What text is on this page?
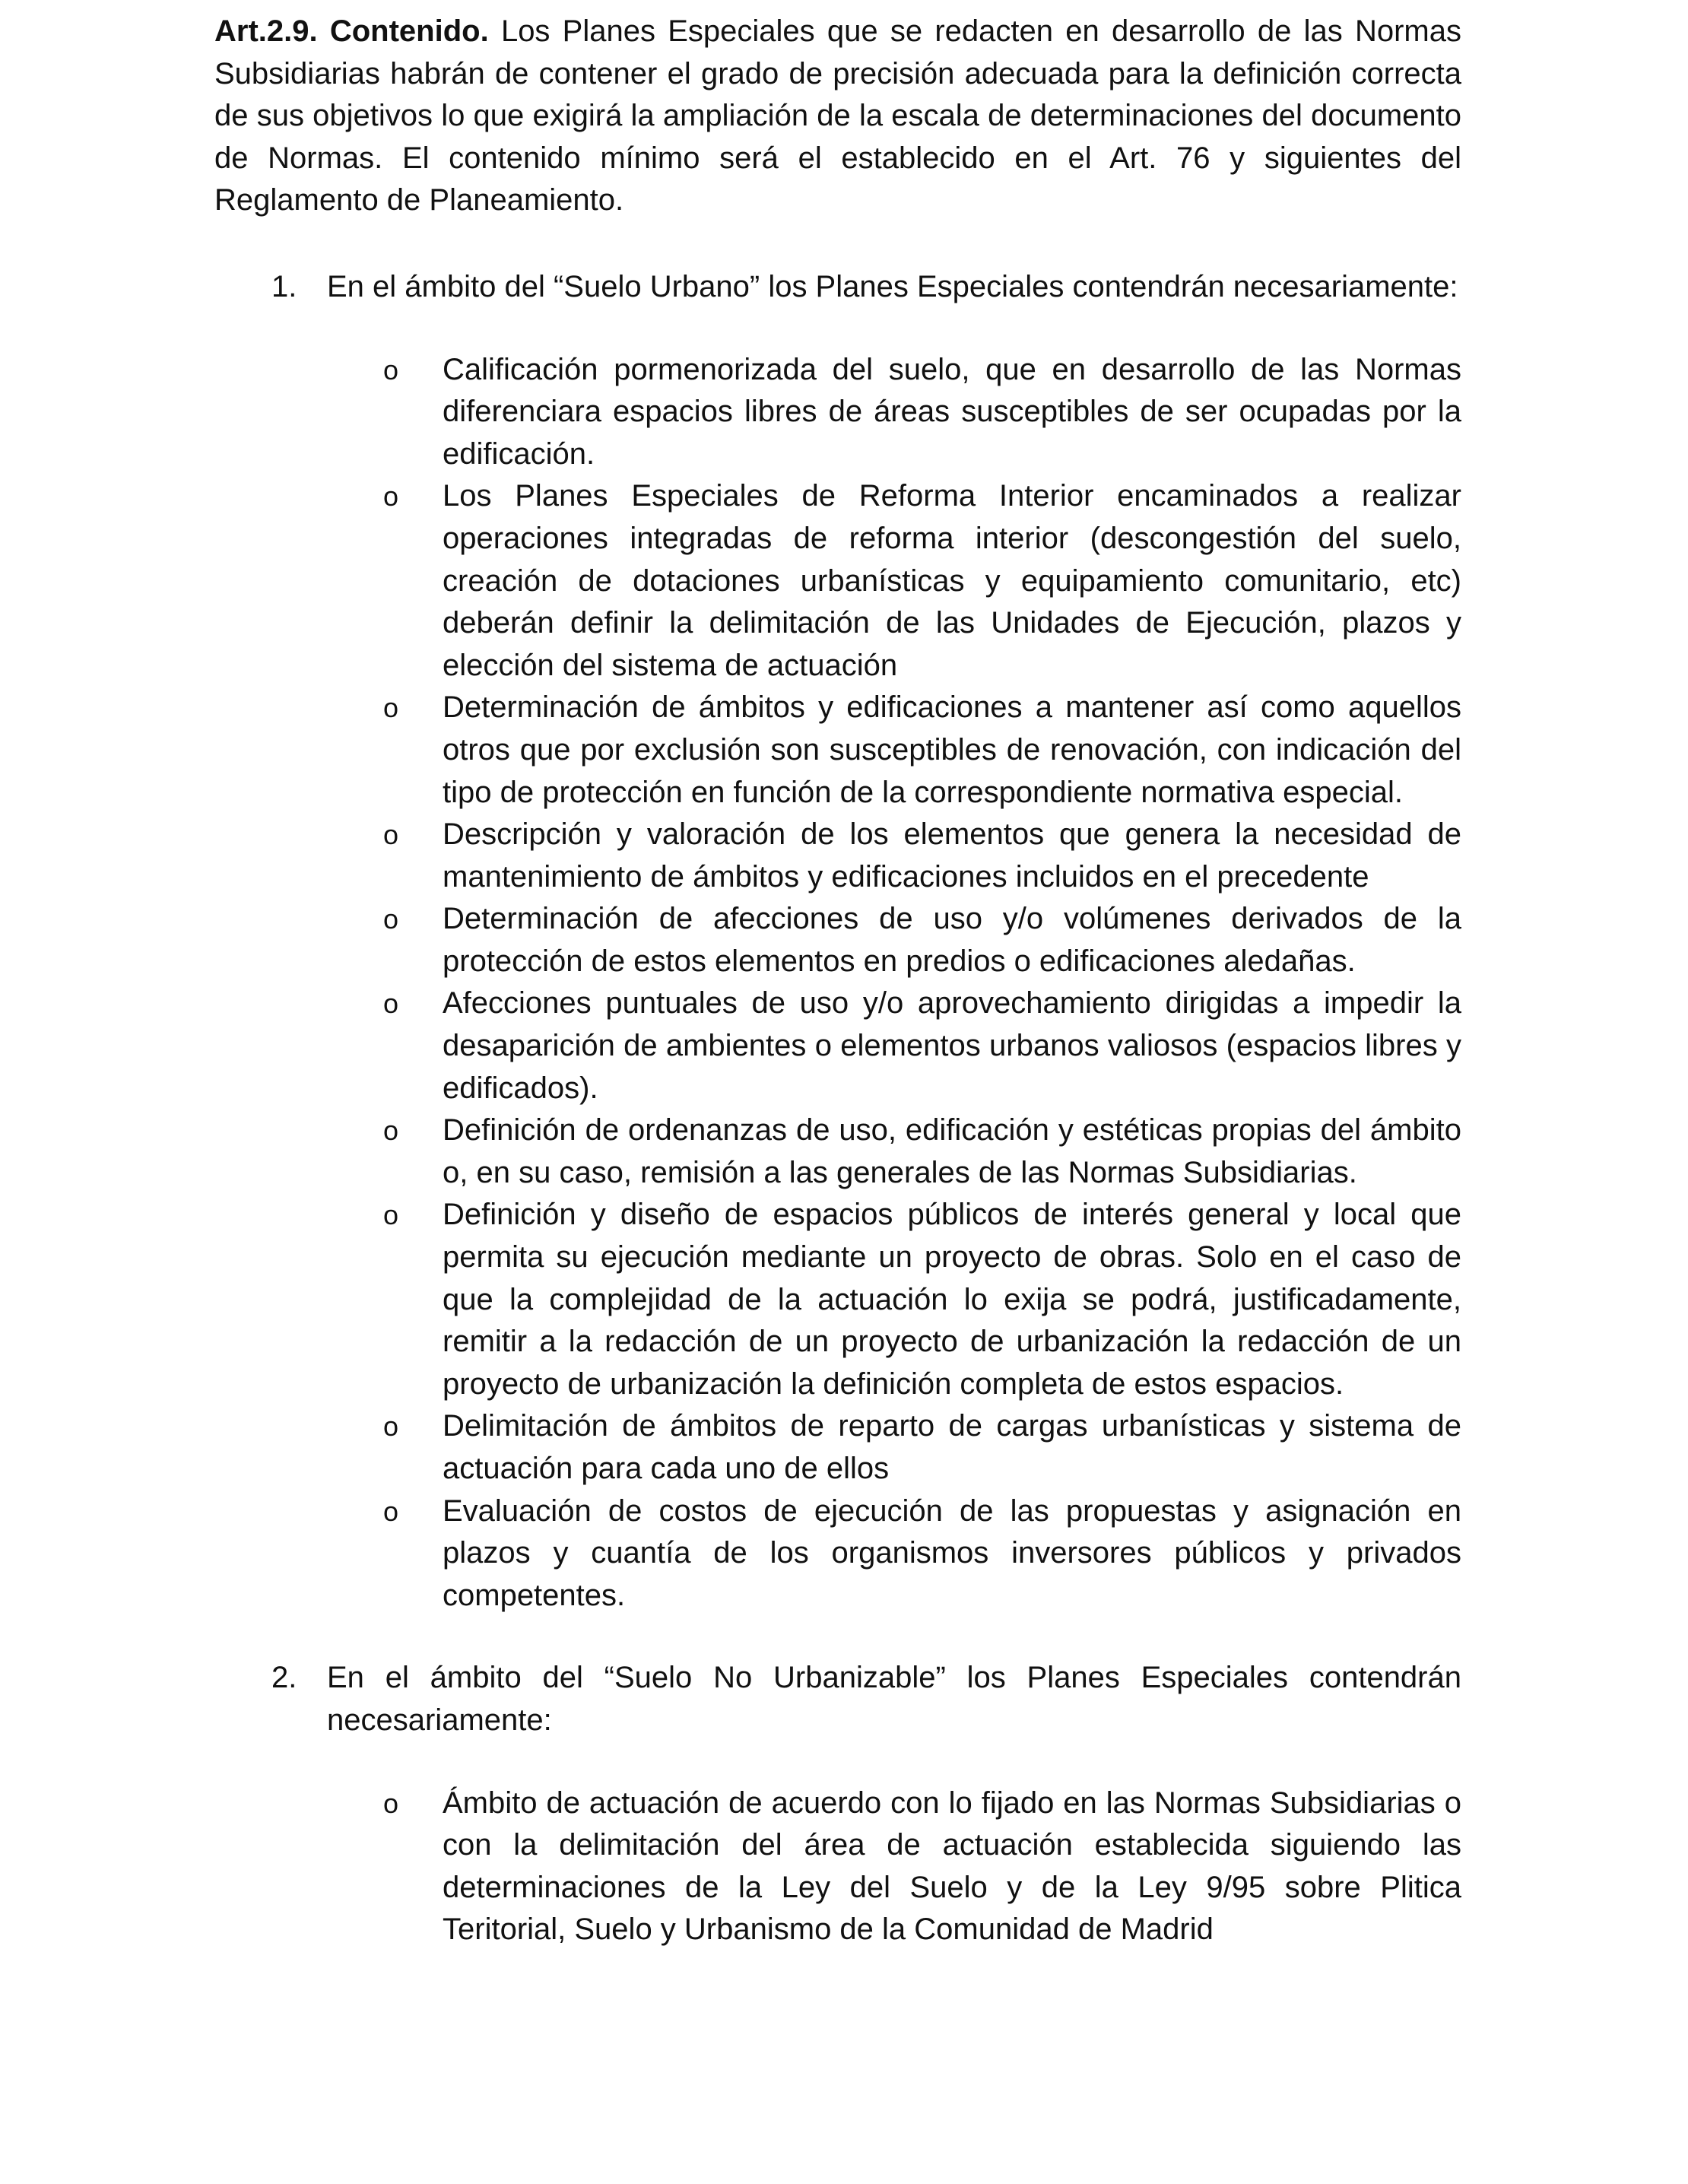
Art.2.9. Contenido. Los Planes Especiales que se redacten en desarrollo de las Normas Subsidiarias habrán de contener el grado de precisión adecuada para la definición correcta de sus objetivos lo que exigirá la ampliación de la escala de determinaciones del documento de Normas. El contenido mínimo será el establecido en el Art. 76 y siguientes del Reglamento de Planeamiento.

1. En el ámbito del “Suelo Urbano” los Planes Especiales contendrán necesariamente:

o Calificación pormenorizada del suelo, que en desarrollo de las Normas diferenciara espacios libres de áreas susceptibles de ser ocupadas por la edificación.

o Los Planes Especiales de Reforma Interior encaminados a realizar operaciones integradas de reforma interior (descongestión del suelo, creación de dotaciones urbanísticas y equipamiento comunitario, etc) deberán definir la delimitación de las Unidades de Ejecución, plazos y elección del sistema de actuación

o Determinación de ámbitos y edificaciones a mantener así como aquellos otros que por exclusión son susceptibles de renovación, con indicación del tipo de protección en función de la correspondiente normativa especial.

o Descripción y valoración de los elementos que genera la necesidad de mantenimiento de ámbitos y edificaciones incluidos en el precedente

o Determinación de afecciones de uso y/o volúmenes derivados de la protección de estos elementos en predios o edificaciones aledañas.

o Afecciones puntuales de uso y/o aprovechamiento dirigidas a impedir la desaparición de ambientes o elementos urbanos valiosos (espacios libres y edificados).

o Definición de ordenanzas de uso, edificación y estéticas propias del ámbito o, en su caso, remisión a las generales de las Normas Subsidiarias.

o Definición y diseño de espacios públicos de interés general y local que permita su ejecución mediante un proyecto de obras. Solo en el caso de que la complejidad de la actuación lo exija se podrá, justificadamente, remitir a la redacción de un proyecto de urbanización la redacción de un proyecto de urbanización la definición completa de estos espacios.

o Delimitación de ámbitos de reparto de cargas urbanísticas y sistema de actuación para cada uno de ellos

o Evaluación de costos de ejecución de las propuestas y asignación en plazos y cuantía de los organismos inversores públicos y privados competentes.

2. En el ámbito del “Suelo No Urbanizable” los Planes Especiales contendrán necesariamente:

o Ámbito de actuación de acuerdo con lo fijado en las Normas Subsidiarias o con la delimitación del área de actuación establecida siguiendo las determinaciones de la Ley del Suelo y de la Ley 9/95 sobre Plitica Teritorial, Suelo y Urbanismo de la Comunidad de Madrid
